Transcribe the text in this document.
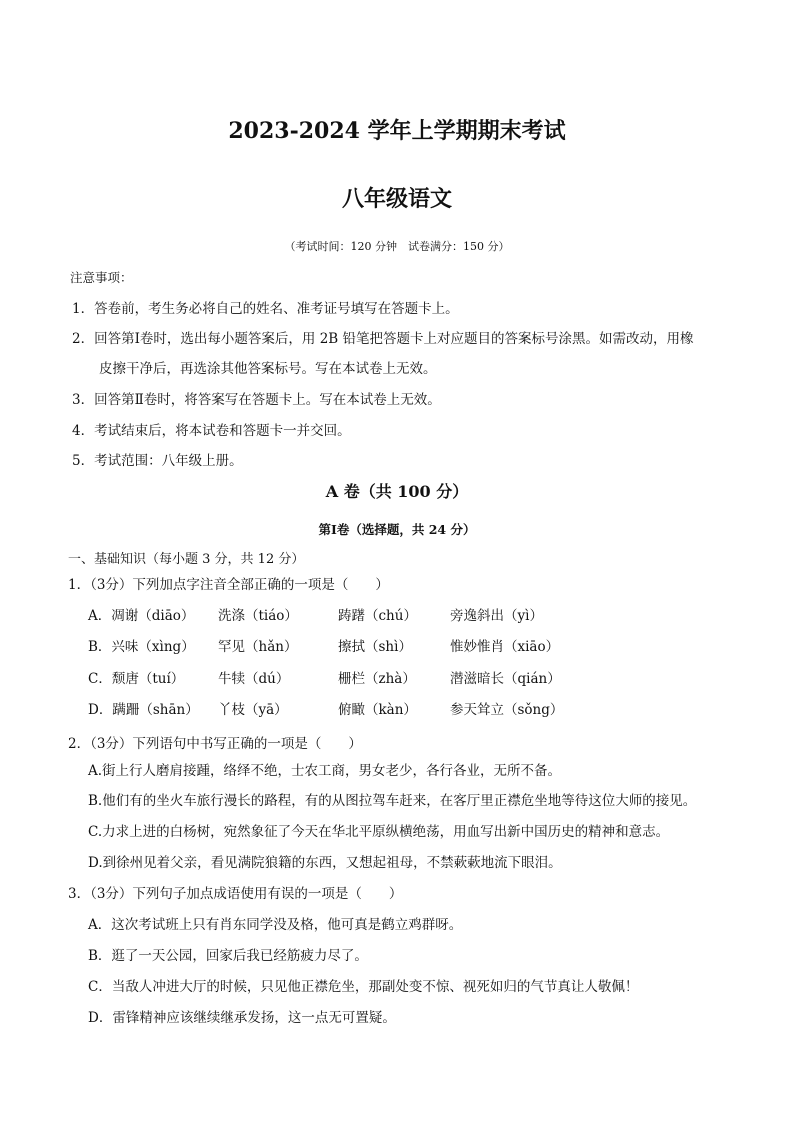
2023-2024 学年上学期期末考试
八年级语文
（考试时间：120 分钟　试卷满分：150 分）
注意事项：
1．答卷前，考生务必将自己的姓名、准考证号填写在答题卡上。
2．回答第Ⅰ卷时，选出每小题答案后，用 2B 铅笔把答题卡上对应题目的答案标号涂黑。如需改动，用橡
皮擦干净后，再选涂其他答案标号。写在本试卷上无效。
3．回答第Ⅱ卷时，将答案写在答题卡上。写在本试卷上无效。
4．考试结束后，将本试卷和答题卡一并交回。
5．考试范围：八年级上册。
A 卷（共 100 分）
第Ⅰ卷（选择题，共 24 分）
一、基础知识（每小题 3 分，共 12 分）
1．（3分）下列加点字注音全部正确的一项是（　　）
A．凋谢（diāo） 洗涤（tiáo）	踌躇（chú） 旁逸斜出（yì）
B．兴味（xìng） 罕见（hǎn）	擦拭（shì）	惟妙惟肖（xiāo）
C．颓唐（tuí） 牛犊（dú）	栅栏（zhà）	潜滋暗长（qián）
D．蹒跚（shān） 丫枝（yā）	俯瞰（kàn） 参天耸立（sǒng）
2．（3分）下列语句中书写正确的一项是（　　）
A.街上行人磨肩接踵，络绎不绝，士农工商，男女老少，各行各业，无所不备。
B.他们有的坐火车旅行漫长的路程，有的从图拉驾车赶来，在客厅里正襟危坐地等待这位大师的接见。
C.力求上进的白杨树，宛然象征了今天在华北平原纵横绝荡，用血写出新中国历史的精神和意志。
D.到徐州见着父亲，看见满院狼籍的东西，又想起祖母，不禁蔌蔌地流下眼泪。
3．（3分）下列句子加点成语使用有误的一项是（　　）
A．这次考试班上只有肖东同学没及格，他可真是鹤立鸡群呀。
B．逛了一天公园，回家后我已经筋疲力尽了。
C．当敌人冲进大厅的时候，只见他正襟危坐，那副处变不惊、视死如归的气节真让人敬佩！
D．雷锋精神应该继续继承发扬，这一点无可置疑。
